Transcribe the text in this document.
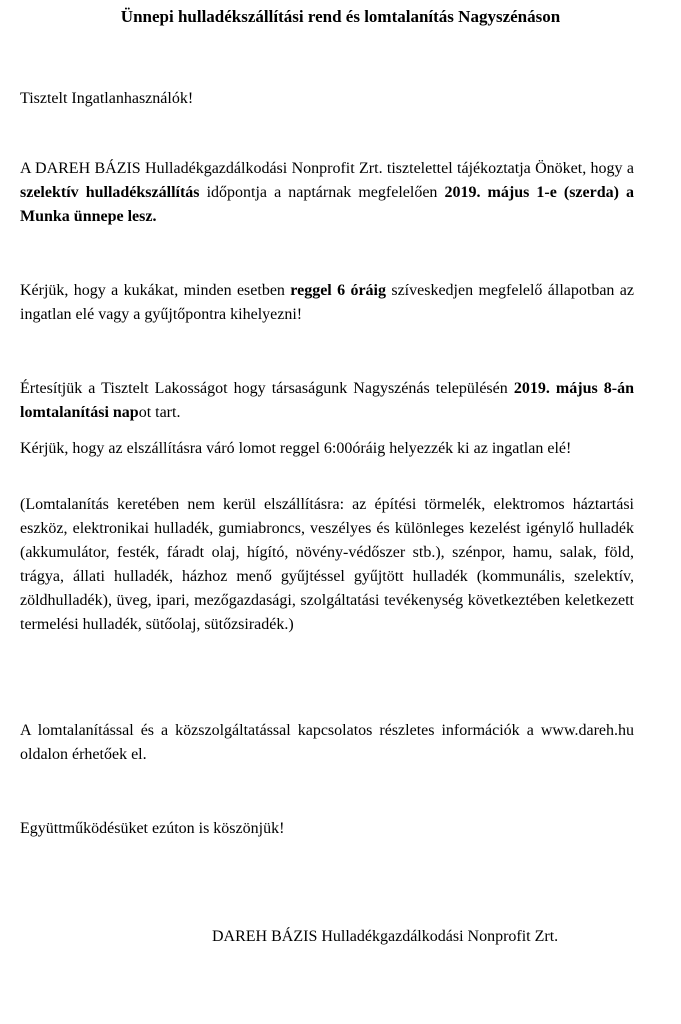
Ünnepi hulladékszállítási rend és lomtalanítás Nagyszénáson

Tisztelt Ingatlanhasználók!

A DAREH BÁZIS Hulladékgazdálkodási Nonprofit Zrt. tisztelettel tájékoztatja Önöket, hogy a szelektív hulladékszállítás időpontja a naptárnak megfelelően 2019. május 1-e (szerda) a Munka ünnepe lesz.

Kérjük, hogy a kukákat, minden esetben reggel 6 óráig szíveskedjen megfelelő állapotban az ingatlan elé vagy a gyűjtőpontra kihelyezni!

Értesítjük a Tisztelt Lakosságot hogy társaságunk Nagyszénás településén 2019. május 8-án lomtalanítási napot tart.

Kérjük, hogy az elszállításra váró lomot reggel 6:00óráig helyezzék ki az ingatlan elé!

(Lomtalanítás keretében nem kerül elszállításra: az építési törmelék, elektromos háztartási eszköz, elektronikai hulladék, gumiabroncs, veszélyes és különleges kezelést igénylő hulladék (akkumulátor, festék, fáradt olaj, hígító, növény-védőszer stb.), szénpor, hamu, salak, föld, trágya, állati hulladék, házhoz menő gyűjtéssel gyűjtött hulladék (kommunális, szelektív, zöldhulladék), üveg, ipari, mezőgazdasági, szolgáltatási tevékenység következtében keletkezett termelési hulladék, sütőolaj, sütőzsiradék.)

A lomtalanítással és a közszolgáltatással kapcsolatos részletes információk a www.dareh.hu oldalon érhetőek el.

Együttműködésüket ezúton is köszönjük!

DAREH BÁZIS Hulladékgazdálkodási Nonprofit Zrt.
